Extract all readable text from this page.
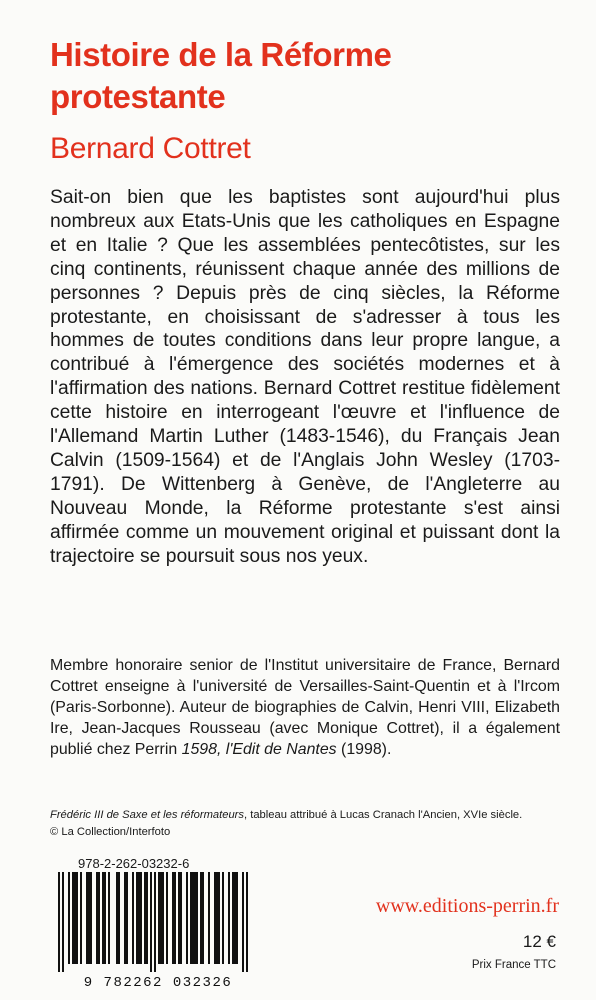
Histoire de la Réforme protestante
Bernard Cottret

Sait-on bien que les baptistes sont aujourd'hui plus nombreux aux Etats-Unis que les catholiques en Espagne et en Italie ? Que les assemblées pentecôtistes, sur les cinq continents, réunissent chaque année des millions de personnes ? Depuis près de cinq siècles, la Réforme protestante, en choisissant de s'adresser à tous les hommes de toutes conditions dans leur propre langue, a contribué à l'émergence des sociétés modernes et à l'affirmation des nations. Bernard Cottret restitue fidèlement cette histoire en interrogeant l'œuvre et l'influence de l'Allemand Martin Luther (1483-1546), du Français Jean Calvin (1509-1564) et de l'Anglais John Wesley (1703-1791). De Wittenberg à Genève, de l'Angleterre au Nouveau Monde, la Réforme protestante s'est ainsi affirmée comme un mouvement original et puissant dont la trajectoire se poursuit sous nos yeux.

Membre honoraire senior de l'Institut universitaire de France, Bernard Cottret enseigne à l'université de Versailles-Saint-Quentin et à l'Ircom (Paris-Sorbonne). Auteur de biographies de Calvin, Henri VIII, Elizabeth Ire, Jean-Jacques Rousseau (avec Monique Cottret), il a également publié chez Perrin 1598, l'Edit de Nantes (1998).

Frédéric III de Saxe et les réformateurs, tableau attribué à Lucas Cranach l'Ancien, XVIe siècle.
© La Collection/Interfoto

978-2-262-03232-6
9 782262 032326
www.editions-perrin.fr
12 €
Prix France TTC
